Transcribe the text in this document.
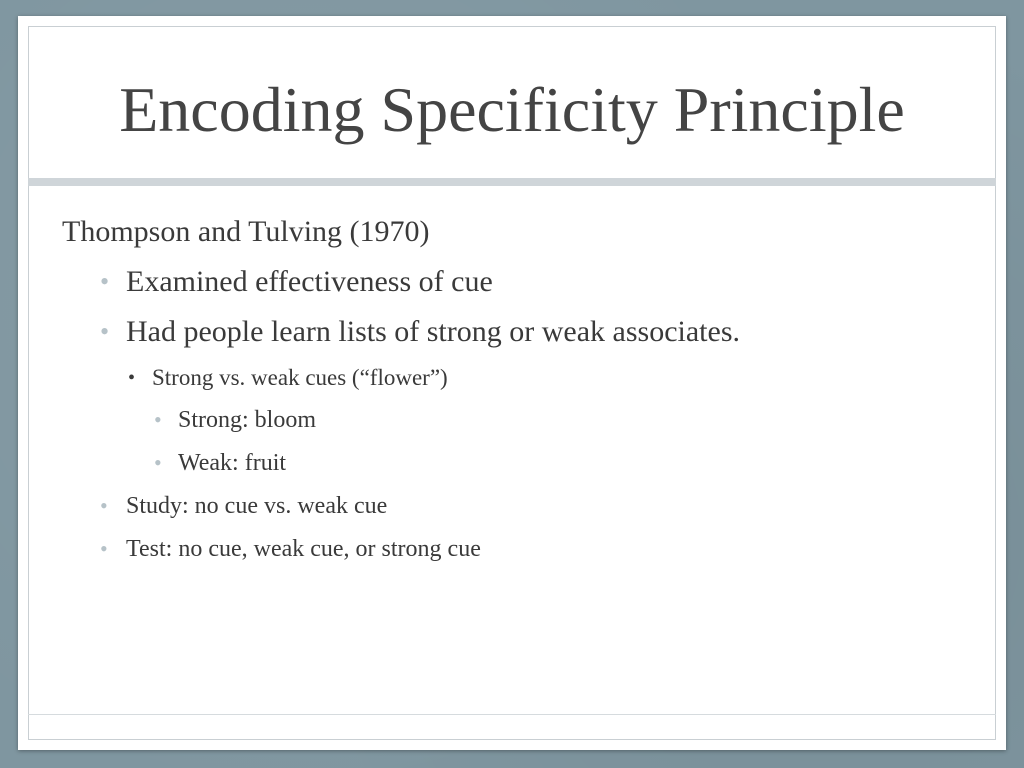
Encoding Specificity Principle
Thompson and Tulving (1970)
• Examined effectiveness of cue
• Had people learn lists of strong or weak associates.
• Strong vs. weak cues (“flower”)
• Strong: bloom
• Weak: fruit
• Study: no cue vs. weak cue
• Test: no cue, weak cue, or strong cue
